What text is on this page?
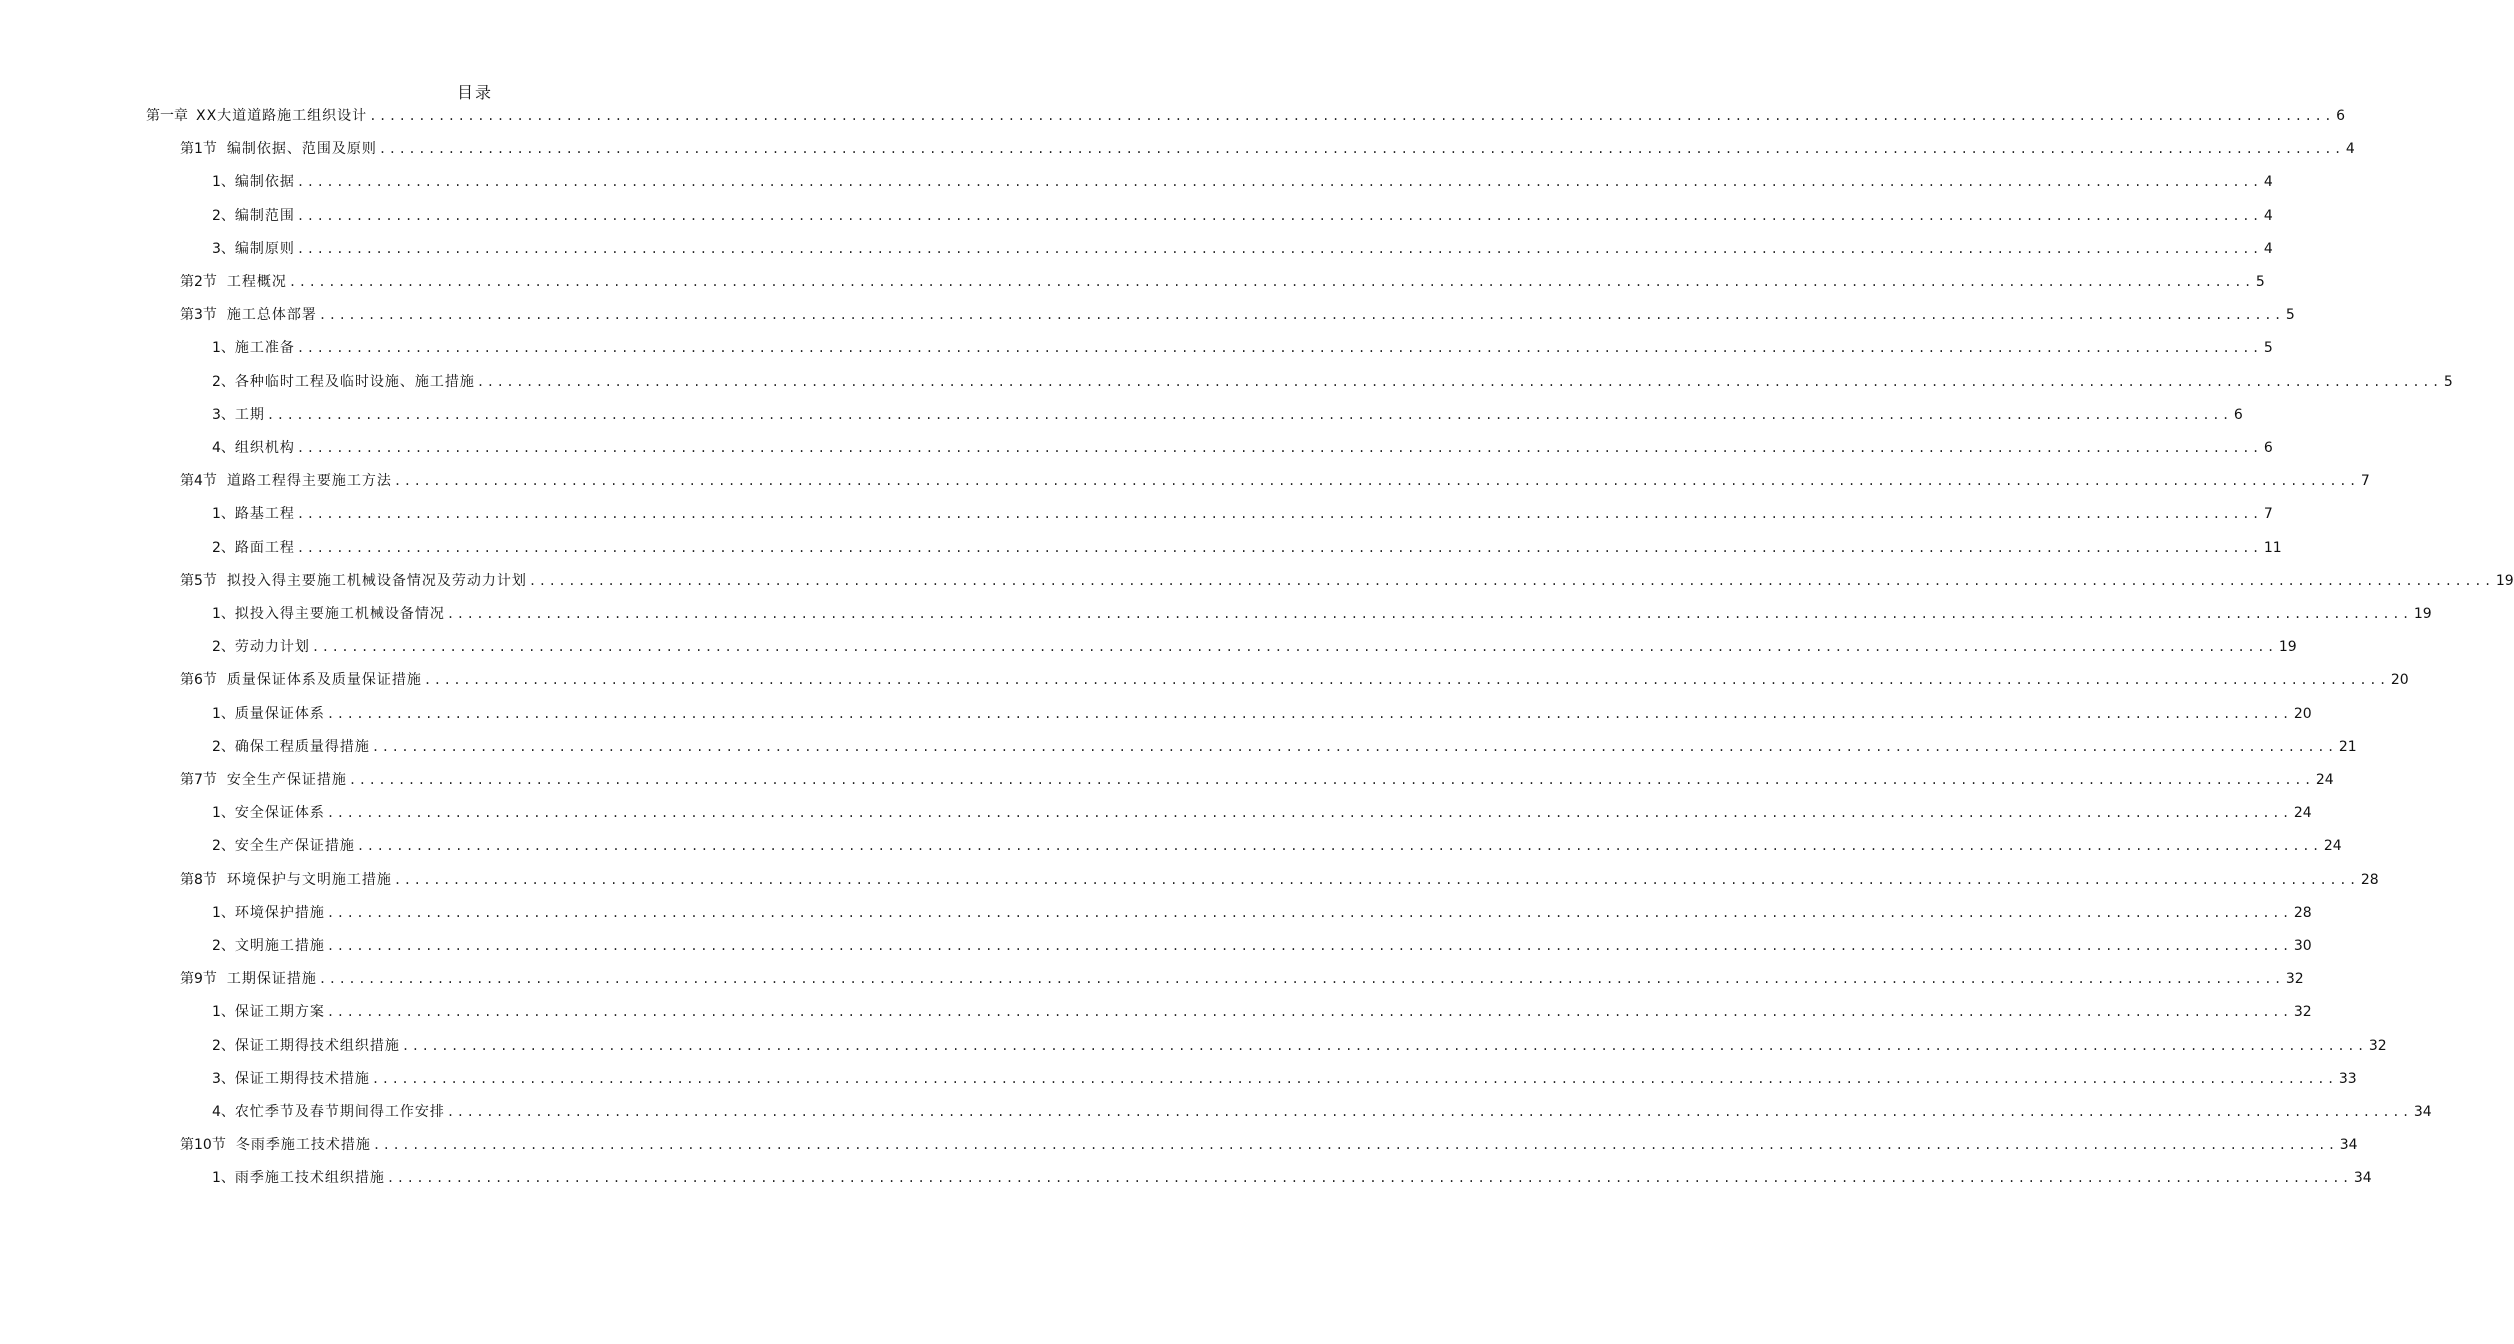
目录
第一章 XX大道道路施工组织设计 ........................................................................................................................................................................................................ 6
第1节 编制依据、范围及原则 ........................................................................................................................................................................................................ 4
1、 编制依据 ........................................................................................................................................................................................................ 4
2、 编制范围 ........................................................................................................................................................................................................ 4
3、 编制原则 ........................................................................................................................................................................................................ 4
第2节 工程概况 ........................................................................................................................................................................................................ 5
第3节 施工总体部署 ........................................................................................................................................................................................................ 5
1、 施工准备 ........................................................................................................................................................................................................ 5
2、 各种临时工程及临时设施、施工措施 ........................................................................................................................................................................................................ 5
3、 工期 ........................................................................................................................................................................................................ 6
4、 组织机构 ........................................................................................................................................................................................................ 6
第4节 道路工程得主要施工方法 ........................................................................................................................................................................................................ 7
1、 路基工程 ........................................................................................................................................................................................................ 7
2、 路面工程 ........................................................................................................................................................................................................ 11
第5节 拟投入得主要施工机械设备情况及劳动力计划 ........................................................................................................................................................................................................ 19
1、 拟投入得主要施工机械设备情况 ........................................................................................................................................................................................................ 19
2、 劳动力计划 ........................................................................................................................................................................................................ 19
第6节 质量保证体系及质量保证措施 ........................................................................................................................................................................................................ 20
1、 质量保证体系 ........................................................................................................................................................................................................ 20
2、 确保工程质量得措施 ........................................................................................................................................................................................................ 21
第7节 安全生产保证措施 ........................................................................................................................................................................................................ 24
1、 安全保证体系 ........................................................................................................................................................................................................ 24
2、 安全生产保证措施 ........................................................................................................................................................................................................ 24
第8节 环境保护与文明施工措施 ........................................................................................................................................................................................................ 28
1、 环境保护措施 ........................................................................................................................................................................................................ 28
2、 文明施工措施 ........................................................................................................................................................................................................ 30
第9节 工期保证措施 ........................................................................................................................................................................................................ 32
1、 保证工期方案 ........................................................................................................................................................................................................ 32
2、 保证工期得技术组织措施 ........................................................................................................................................................................................................ 32
3、 保证工期得技术措施 ........................................................................................................................................................................................................ 33
4、 农忙季节及春节期间得工作安排 ........................................................................................................................................................................................................ 34
第10节 冬雨季施工技术措施 ........................................................................................................................................................................................................ 34
1、 雨季施工技术组织措施 ........................................................................................................................................................................................................ 34
